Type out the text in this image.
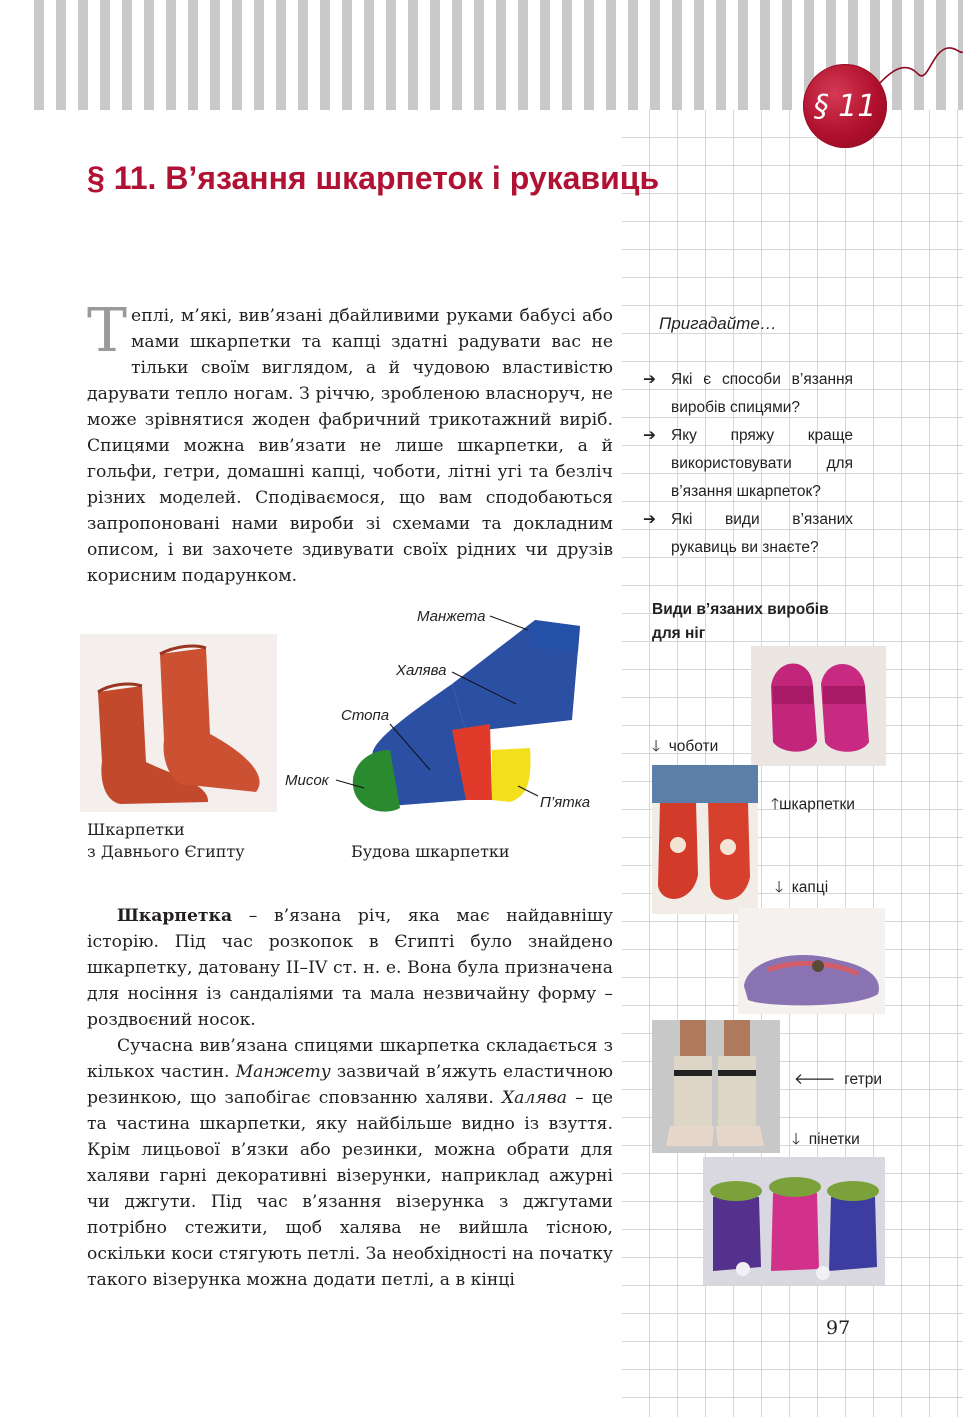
§ 11
§ 11. В’язання шкарпеток і рукавиць
Теплі, м’які, вив’язані дбайливими руками бабусі або мами шкарпетки та капці здатні радувати вас не тільки своїм виглядом, а й чудовою властивістю дарувати тепло ногам. З річчю, зробленою власноруч, не може зрівнятися жоден фабричний трикотажний виріб. Спицями можна вив’язати не лише шкарпетки, а й гольфи, гетри, домашні капці, чоботи, літні угі та безліч різних моделей. Сподіваємося, що вам сподобаються запропоновані нами вироби зі схемами та докладним описом, і ви захочете здивувати своїх рідних чи друзів корисним подарунком.
Пригадайте…
➔ Які є способи в’язання виробів спицями?
➔ Яку пряжу краще використовувати для в’язання шкарпеток?
➔ Які види в’язаних рукавиць ви знаєте?
Види в’язаних виробів для ніг
🡓 чоботи
🡑шкарпетки
🡓 капці
🡐 гетри
🡓 пінетки
Шкарпетки
з Давнього Єгипту
Манжета
Халява
Стопа
Мисок
П’ятка
Будова шкарпетки

Шкарпетка – в’язана річ, яка має найдавнішу історію. Під час розкопок в Єгипті було знайдено шкарпетку, датовану II–IV ст. н. е. Вона була призначена для носіння із сандаліями та мала незвичайну форму – роздвоєний носок.

Сучасна вив’язана спицями шкарпетка складається з кількох частин. Манжету зазвичай в’яжуть еластичною резинкою, що запобігає сповзанню халяви. Халява – це та частина шкарпетки, яку найбільше видно із взуття. Крім лицьової в’язки або резинки, можна обрати для халяви гарні декоративні візерунки, наприклад ажурні чи джгути. Під час в’язання візерунка з джгутами потрібно стежити, щоб халява не вийшла тісною, оскільки коси стягують петлі. За необхідності на початку такого візерунка можна додати петлі, а в кінці

97
